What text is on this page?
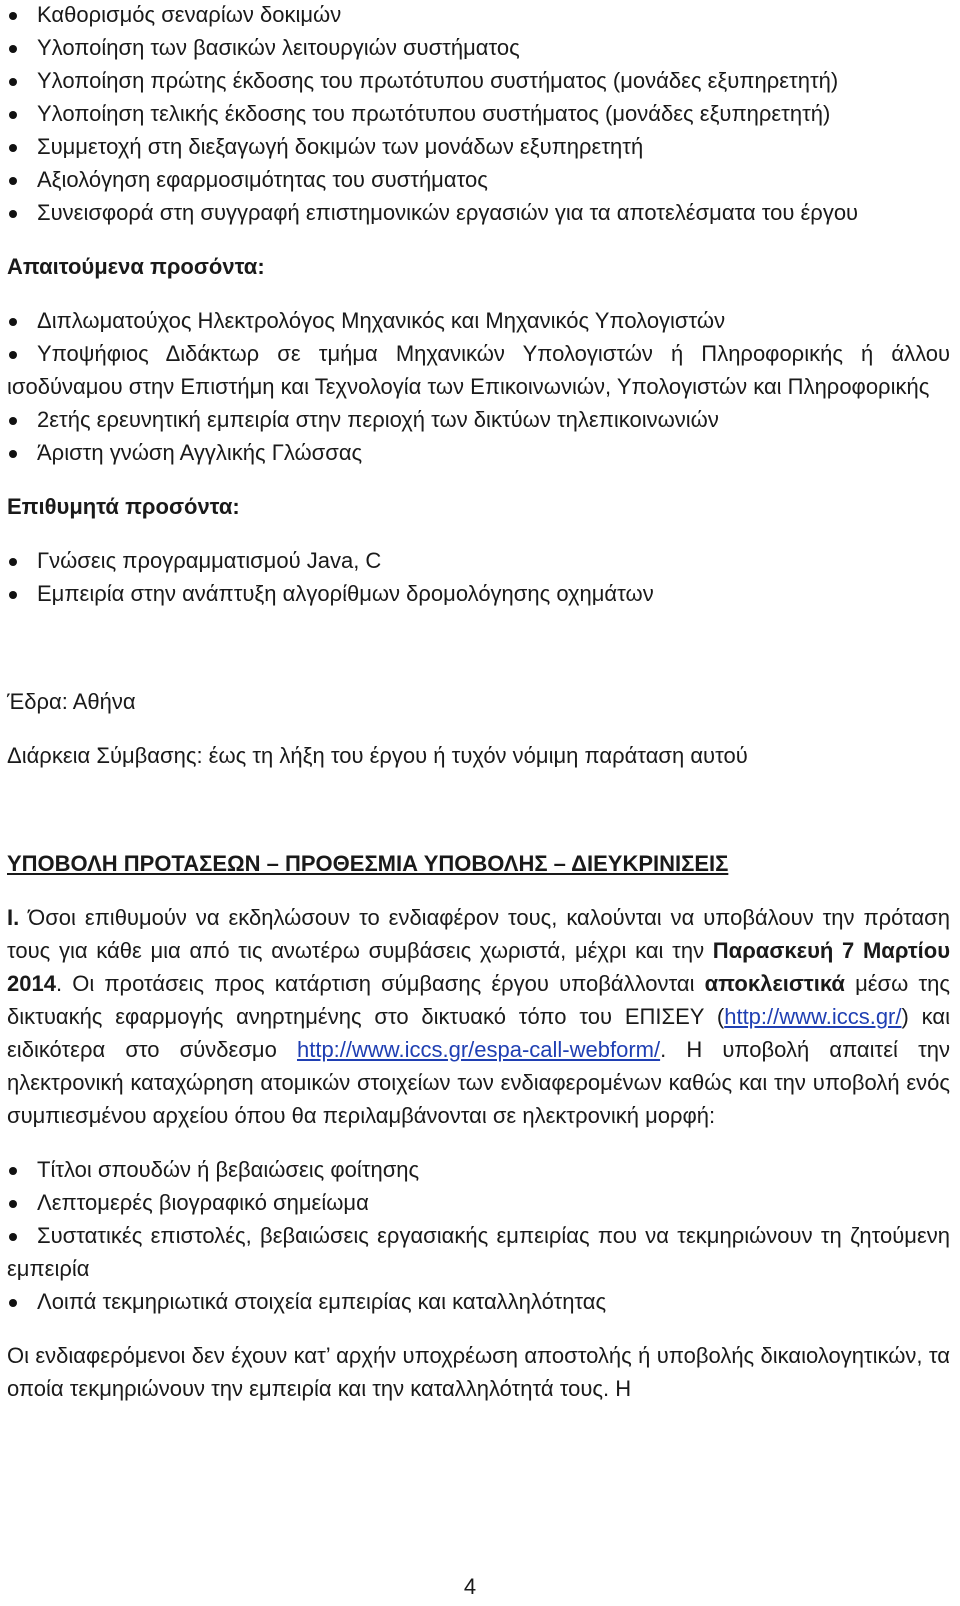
Καθορισμός σεναρίων δοκιμών
Υλοποίηση των βασικών λειτουργιών συστήματος
Υλοποίηση πρώτης έκδοσης του πρωτότυπου συστήματος (μονάδες εξυπηρετητή)
Υλοποίηση τελικής έκδοσης του πρωτότυπου συστήματος (μονάδες εξυπηρετητή)
Συμμετοχή στη διεξαγωγή δοκιμών των μονάδων εξυπηρετητή
Αξιολόγηση εφαρμοσιμότητας του συστήματος
Συνεισφορά στη συγγραφή επιστημονικών εργασιών για τα αποτελέσματα του έργου

Απαιτούμενα προσόντα:

Διπλωματούχος Ηλεκτρολόγος Μηχανικός και Μηχανικός Υπολογιστών
Υποψήφιος Διδάκτωρ σε τμήμα Μηχανικών Υπολογιστών ή Πληροφορικής ή άλλου ισοδύναμου στην Επιστήμη και Τεχνολογία των Επικοινωνιών, Υπολογιστών και Πληροφορικής
2ετής ερευνητική εμπειρία στην περιοχή των δικτύων τηλεπικοινωνιών
Άριστη γνώση Αγγλικής Γλώσσας

Επιθυμητά προσόντα:

Γνώσεις προγραμματισμού Java, C
Εμπειρία στην ανάπτυξη αλγορίθμων δρομολόγησης οχημάτων

Έδρα: Αθήνα

Διάρκεια Σύμβασης: έως τη λήξη του έργου ή τυχόν νόμιμη παράταση αυτού

ΥΠΟΒΟΛΗ ΠΡΟΤΑΣΕΩΝ – ΠΡΟΘΕΣΜΙΑ ΥΠΟΒΟΛΗΣ – ΔΙΕΥΚΡΙΝΙΣΕΙΣ

Ι. Όσοι επιθυμούν να εκδηλώσουν το ενδιαφέρον τους, καλούνται να υποβάλουν την πρόταση τους για κάθε μια από τις ανωτέρω συμβάσεις χωριστά, μέχρι και την Παρασκευή 7 Μαρτίου 2014. Οι προτάσεις προς κατάρτιση σύμβασης έργου υποβάλλονται αποκλειστικά μέσω της δικτυακής εφαρμογής ανηρτημένης στο δικτυακό τόπο του ΕΠΙΣΕΥ (http://www.iccs.gr/) και ειδικότερα στο σύνδεσμο http://www.iccs.gr/espa-call-webform/. Η υποβολή απαιτεί την ηλεκτρονική καταχώρηση ατομικών στοιχείων των ενδιαφερομένων καθώς και την υποβολή ενός συμπιεσμένου αρχείου όπου θα περιλαμβάνονται σε ηλεκτρονική μορφή:

Τίτλοι σπουδών ή βεβαιώσεις φοίτησης
Λεπτομερές βιογραφικό σημείωμα
Συστατικές επιστολές, βεβαιώσεις εργασιακής εμπειρίας που να τεκμηριώνουν τη ζητούμενη εμπειρία
Λοιπά τεκμηριωτικά στοιχεία εμπειρίας και καταλληλότητας

Οι ενδιαφερόμενοι δεν έχουν κατ’ αρχήν υποχρέωση αποστολής ή υποβολής δικαιολογητικών, τα οποία τεκμηριώνουν την εμπειρία και την καταλληλότητά τους. Η

4
